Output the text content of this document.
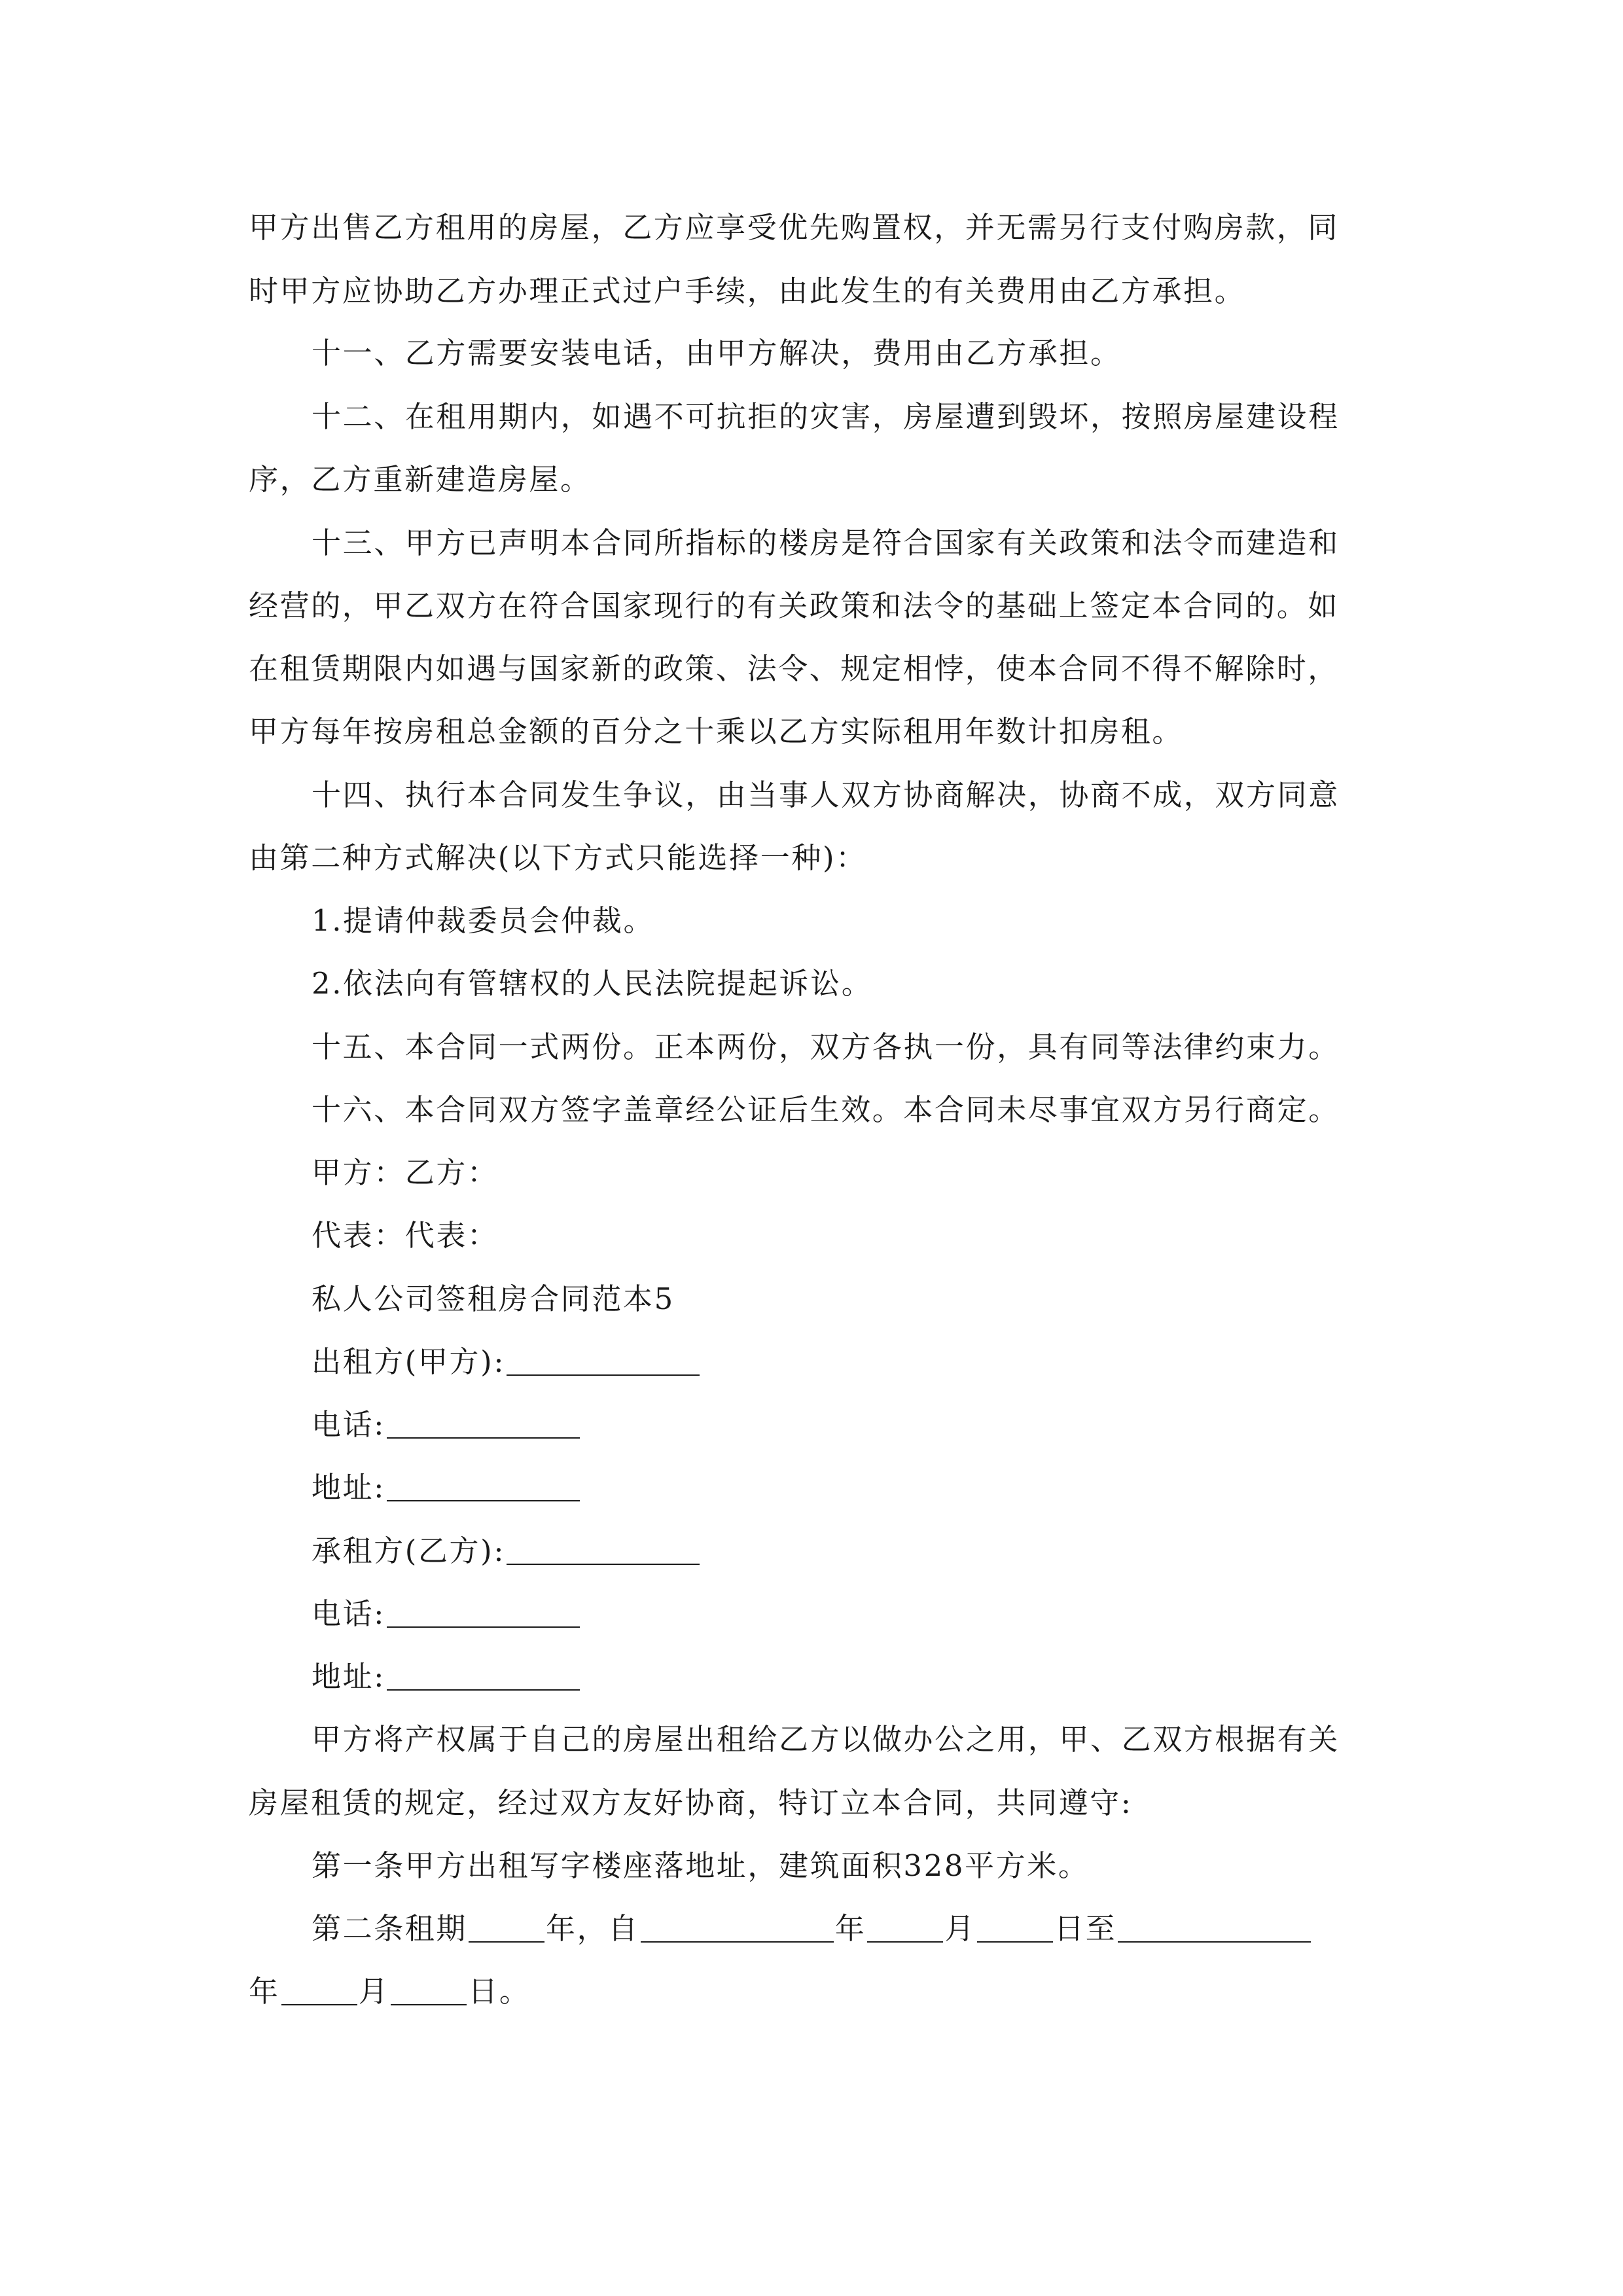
甲方出售乙方租用的房屋，乙方应享受优先购置权，并无需另行支付购房款，同
时甲方应协助乙方办理正式过户手续，由此发生的有关费用由乙方承担。
十一、乙方需要安装电话，由甲方解决，费用由乙方承担。
十二、在租用期内，如遇不可抗拒的灾害，房屋遭到毁坏，按照房屋建设程
序，乙方重新建造房屋。
十三、甲方已声明本合同所指标的楼房是符合国家有关政策和法令而建造和
经营的，甲乙双方在符合国家现行的有关政策和法令的基础上签定本合同的。如
在租赁期限内如遇与国家新的政策、法令、规定相悖，使本合同不得不解除时，
甲方每年按房租总金额的百分之十乘以乙方实际租用年数计扣房租。
十四、执行本合同发生争议，由当事人双方协商解决，协商不成，双方同意
由第二种方式解决(以下方式只能选择一种)：
1.提请仲裁委员会仲裁。
2.依法向有管辖权的人民法院提起诉讼。
十五、本合同一式两份。正本两份，双方各执一份，具有同等法律约束力。
十六、本合同双方签字盖章经公证后生效。本合同未尽事宜双方另行商定。
甲方：乙方：
代表：代表：
私人公司签租房合同范本5
出租方(甲方):
电话:
地址:
承租方(乙方):
电话:
地址:
甲方将产权属于自己的房屋出租给乙方以做办公之用，甲、乙双方根据有关
房屋租赁的规定，经过双方友好协商，特订立本合同，共同遵守:
第一条甲方出租写字楼座落地址，建筑面积328平方米。
第二条租期	年，自	年	月	日至
年	月	日。
